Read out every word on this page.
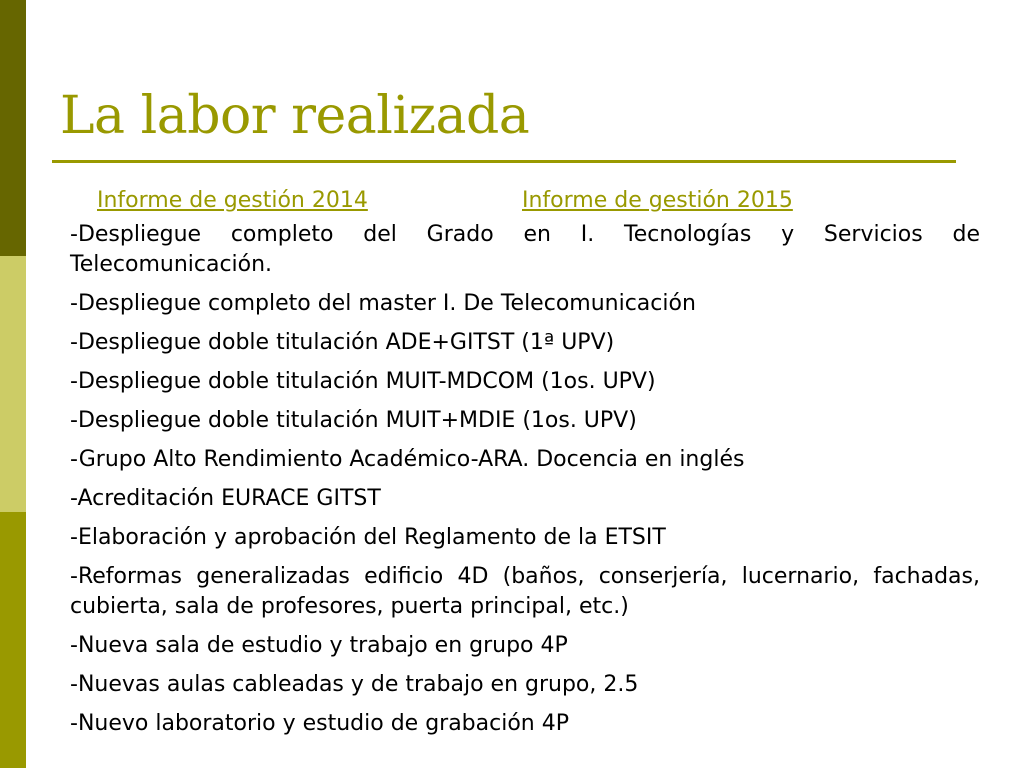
La labor realizada
Informe de gestión 2014	Informe de gestión 2015
-Despliegue completo del Grado en I. Tecnologías y Servicios de Telecomunicación.
-Despliegue completo del master I. De Telecomunicación
-Despliegue doble titulación ADE+GITST (1ª UPV)
-Despliegue doble titulación MUIT-MDCOM (1os. UPV)
-Despliegue doble titulación MUIT+MDIE (1os. UPV)
-Grupo Alto Rendimiento Académico-ARA. Docencia en inglés
-Acreditación EURACE GITST
-Elaboración y aprobación del Reglamento de la ETSIT
-Reformas generalizadas edificio 4D (baños, conserjería, lucernario, fachadas, cubierta, sala de profesores, puerta principal, etc.)
-Nueva sala de estudio y trabajo en grupo 4P
-Nuevas aulas cableadas y de trabajo en grupo, 2.5
-Nuevo laboratorio y estudio de grabación 4P
